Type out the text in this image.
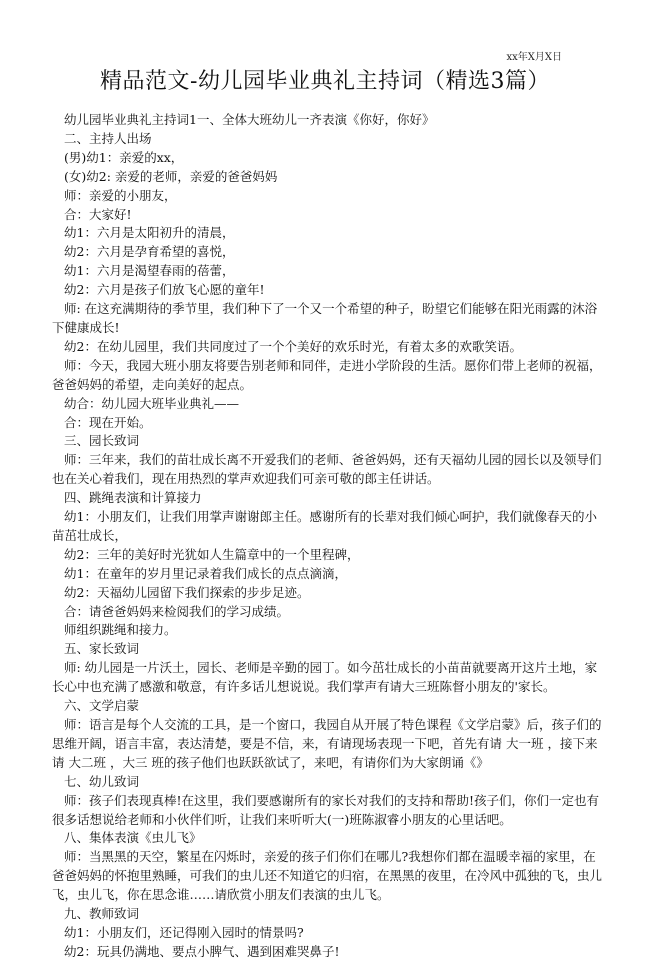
xx年X月X日
精品范文-幼儿园毕业典礼主持词（精选3篇）
幼儿园毕业典礼主持词1一、全体大班幼儿一齐表演《你好，你好》
二、主持人出场
(男)幼1：亲爱的xx，
(女)幼2: 亲爱的老师，亲爱的爸爸妈妈
师：亲爱的小朋友，
合：大家好!
幼1：六月是太阳初升的清晨，
幼2：六月是孕育希望的喜悦，
幼1：六月是渴望春雨的蓓蕾，
幼2：六月是孩子们放飞心愿的童年!
师: 在这充满期待的季节里，我们种下了一个又一个希望的种子，盼望它们能够在阳光雨露的沐浴
下健康成长!
幼2：在幼儿园里，我们共同度过了一个个美好的欢乐时光，有着太多的欢歌笑语。
师：今天，我园大班小朋友将要告别老师和同伴，走进小学阶段的生活。愿你们带上老师的祝福，
爸爸妈妈的希望，走向美好的起点。
幼合：幼儿园大班毕业典礼——
合：现在开始。
三、园长致词
师：三年来，我们的苗壮成长离不开爱我们的老师、爸爸妈妈，还有天福幼儿园的园长以及领导们
也在关心着我们，现在用热烈的掌声欢迎我们可亲可敬的郎主任讲话。
四、跳绳表演和计算接力
幼1：小朋友们，让我们用掌声谢谢郎主任。感谢所有的长辈对我们倾心呵护，我们就像春天的小
苗茁壮成长，
幼2：三年的美好时光犹如人生篇章中的一个里程碑，
幼1：在童年的岁月里记录着我们成长的点点滴滴，
幼2：天福幼儿园留下我们探索的步步足迹。
合：请爸爸妈妈来检阅我们的学习成绩。
师组织跳绳和接力。
五、家长致词
师: 幼儿园是一片沃土，园长、老师是辛勤的园丁。如今茁壮成长的小苗苗就要离开这片土地，家
长心中也充满了感激和敬意，有许多话儿想说说。我们掌声有请大三班陈督小朋友的'家长。
六、文学启蒙
师：语言是每个人交流的工具，是一个窗口，我园自从开展了特色课程《文学启蒙》后，孩子们的
思维开阔，语言丰富，表达清楚，要是不信，来，有请现场表现一下吧，首先有请 大一班 ，接下来
请 大二班 ，大三 班的孩子他们也跃跃欲试了，来吧，有请你们为大家朗诵《》
七、幼儿致词
师：孩子们表现真棒!在这里，我们要感谢所有的家长对我们的支持和帮助!孩子们，你们一定也有
很多话想说给老师和小伙伴们听，让我们来听听大(一)班陈淑睿小朋友的心里话吧。
八、集体表演《虫儿飞》
师：当黑黑的天空，繁星在闪烁时，亲爱的孩子们你们在哪儿?我想你们都在温暖幸福的家里，在
爸爸妈妈的怀抱里熟睡，可我们的虫儿还不知道它的归宿，在黑黑的夜里，在冷风中孤独的飞，虫儿
飞，虫儿飞，你在思念谁……请欣赏小朋友们表演的虫儿飞。
九、教师致词
幼1：小朋友们，还记得刚入园时的情景吗?
幼2：玩具仍满地、要点小脾气、遇到困难哭鼻子!
